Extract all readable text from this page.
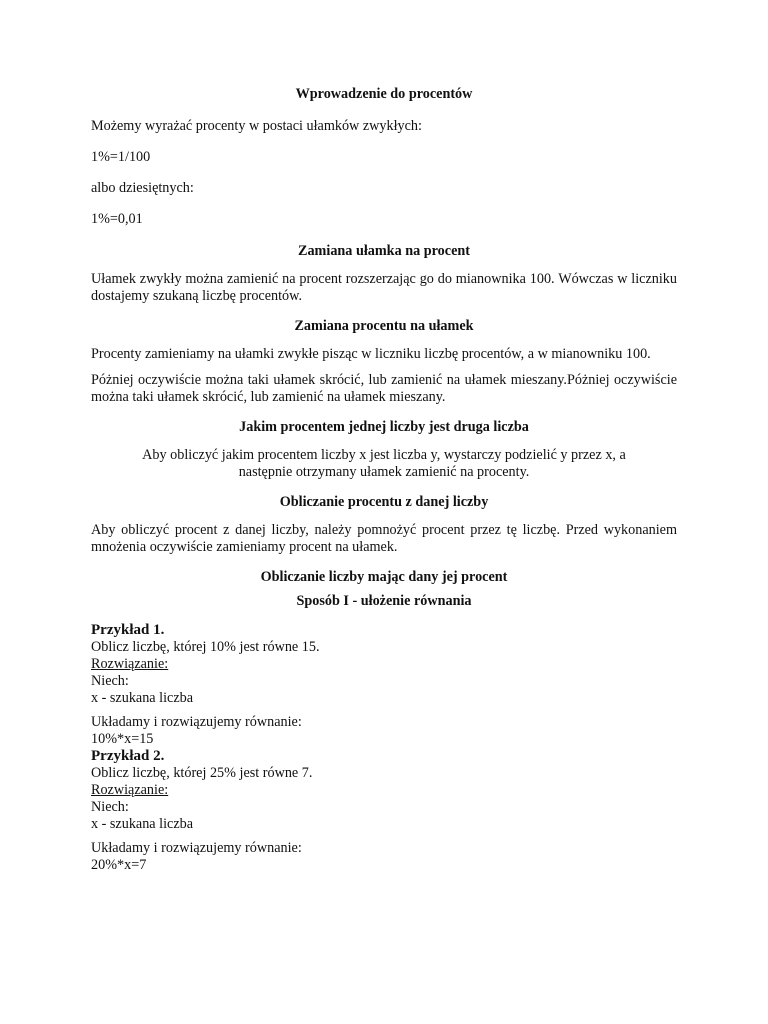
Wprowadzenie do procentów

Możemy wyrażać procenty w postaci ułamków zwykłych:

1%=1/100

albo dziesiętnych:

1%=0,01

Zamiana ułamka na procent

Ułamek zwykły można zamienić na procent rozszerzając go do mianownika 100. Wówczas w liczniku dostajemy szukaną liczbę procentów.

Zamiana procentu na ułamek

Procenty zamieniamy na ułamki zwykłe pisząc w liczniku liczbę procentów, a w mianowniku 100.

Póżniej oczywiście można taki ułamek skrócić, lub zamienić na ułamek mieszany.Póżniej oczywiście można taki ułamek skrócić, lub zamienić na ułamek mieszany.

Jakim procentem jednej liczby jest druga liczba

Aby obliczyć jakim procentem liczby x jest liczba y, wystarczy podzielić y przez x, a

następnie otrzymany ułamek zamienić na procenty.

Obliczanie procentu z danej liczby

Aby obliczyć procent z danej liczby, należy pomnożyć procent przez tę liczbę. Przed wykonaniem mnożenia oczywiście zamieniamy procent na ułamek.

Obliczanie liczby mając dany jej procent

Sposób I - ułożenie równania

Przykład 1.

Oblicz liczbę, której 10% jest równe 15.

Rozwiązanie:

Niech:

x - szukana liczba

Układamy i rozwiązujemy równanie:

10%*x=15

Przykład 2.

Oblicz liczbę, której 25% jest równe 7.

Rozwiązanie:

Niech:

x - szukana liczba

Układamy i rozwiązujemy równanie:

20%*x=7
